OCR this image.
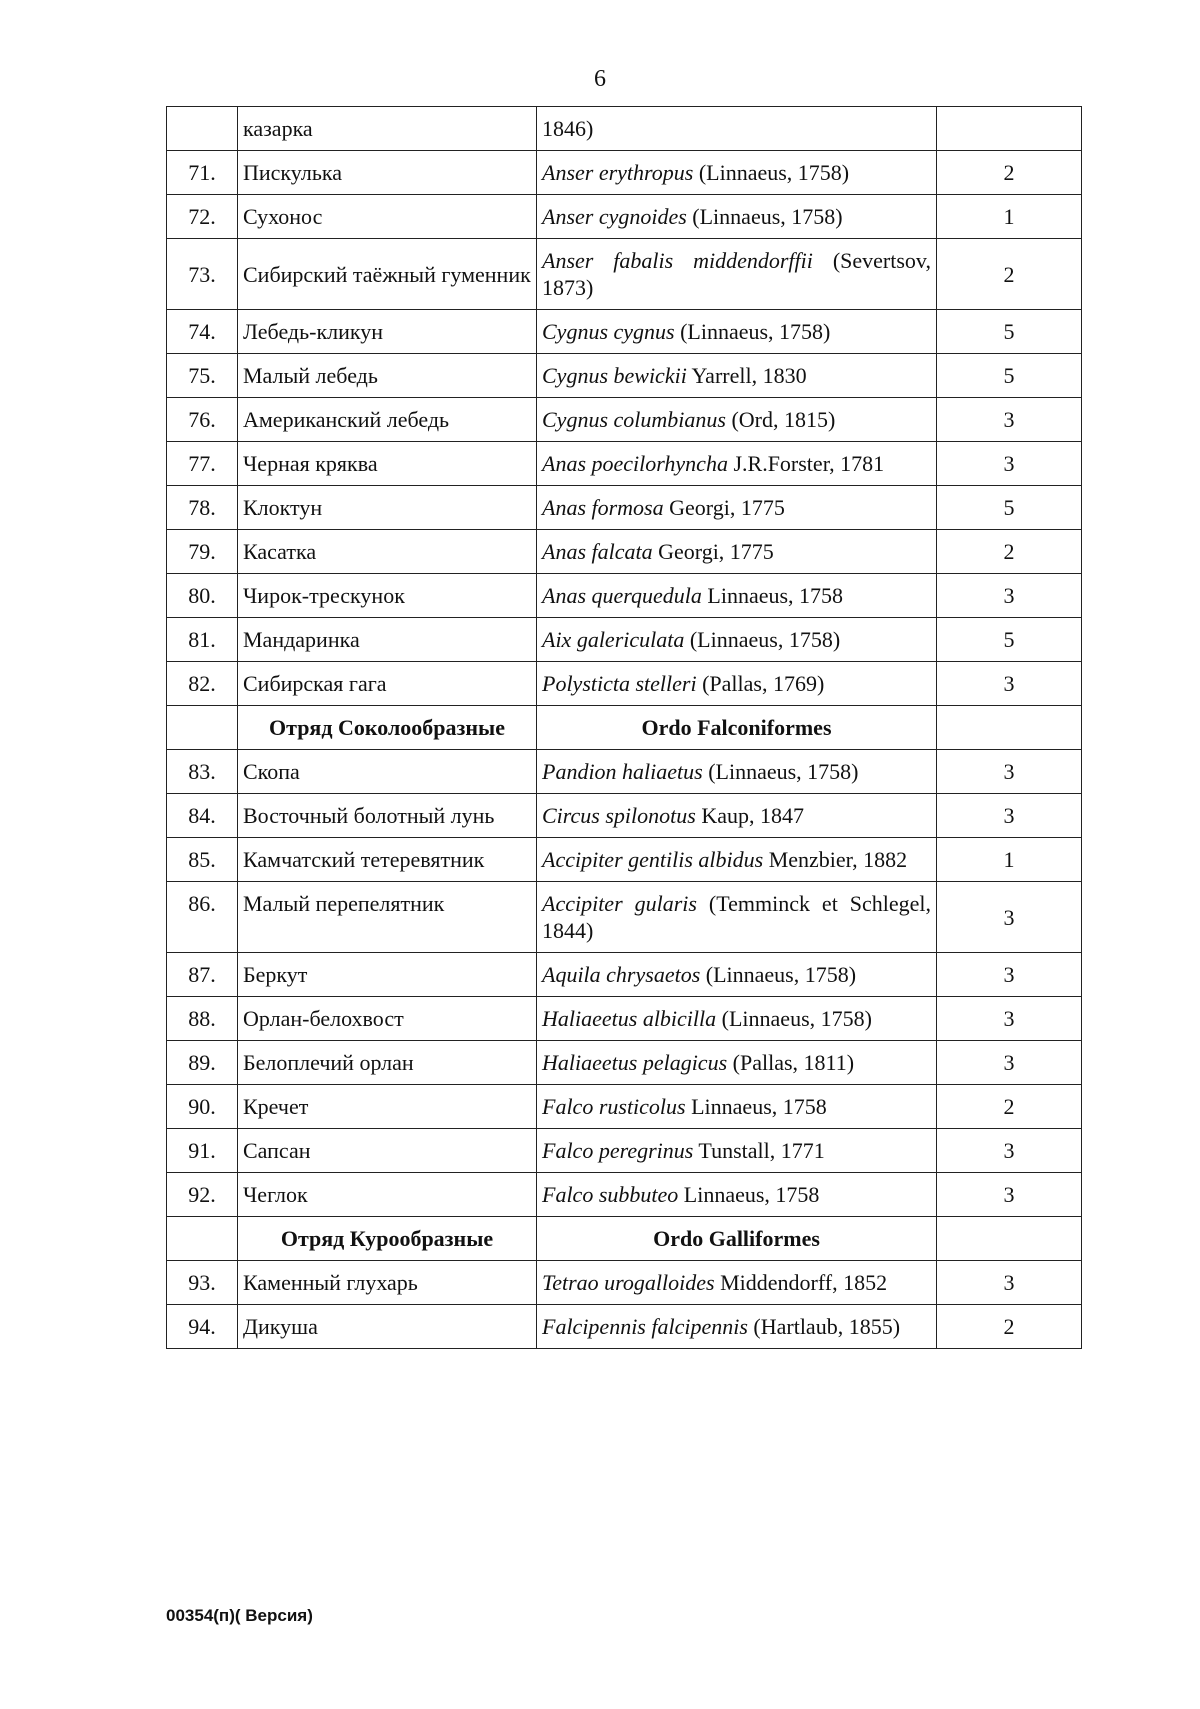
6
	казарка	1846)	
71.	Пискулька	Anser erythropus (Linnaeus, 1758)	2
72.	Сухонос	Anser cygnoides (Linnaeus, 1758)	1
73.	Сибирский таёжный гуменник	Anser fabalis middendorffii (Severtsov, 1873)	2
74.	Лебедь-кликун	Cygnus cygnus (Linnaeus, 1758)	5
75.	Малый лебедь	Cygnus bewickii Yarrell, 1830	5
76.	Американский лебедь	Cygnus columbianus (Ord, 1815)	3
77.	Черная кряква	Anas poecilorhyncha J.R.Forster, 1781	3
78.	Клоктун	Anas formosa Georgi, 1775	5
79.	Касатка	Anas falcata Georgi, 1775	2
80.	Чирок-трескунок	Anas querquedula Linnaeus, 1758	3
81.	Мандаринка	Aix galericulata (Linnaeus, 1758)	5
82.	Сибирская гага	Polysticta stelleri (Pallas, 1769)	3
	Отряд Соколообразные	Ordo Falconiformes	
83.	Скопа	Pandion haliaetus (Linnaeus, 1758)	3
84.	Восточный болотный лунь	Circus spilonotus Kaup, 1847	3
85.	Камчатский тетеревятник	Accipiter gentilis albidus Menzbier, 1882	1
86.	Малый перепелятник	Accipiter gularis (Temminck et Schlegel, 1844)	3
87.	Беркут	Aquila chrysaetos (Linnaeus, 1758)	3
88.	Орлан-белохвост	Haliaeetus albicilla (Linnaeus, 1758)	3
89.	Белоплечий орлан	Haliaeetus pelagicus (Pallas, 1811)	3
90.	Кречет	Falco rusticolus Linnaeus, 1758	2
91.	Сапсан	Falco peregrinus Tunstall, 1771	3
92.	Чеглок	Falco subbuteo Linnaeus, 1758	3
	Отряд Курообразные	Ordo Galliformes	
93.	Каменный глухарь	Tetrao urogalloides Middendorff, 1852	3
94.	Дикуша	Falcipennis falcipennis (Hartlaub, 1855)	2
00354(п)( Версия)
